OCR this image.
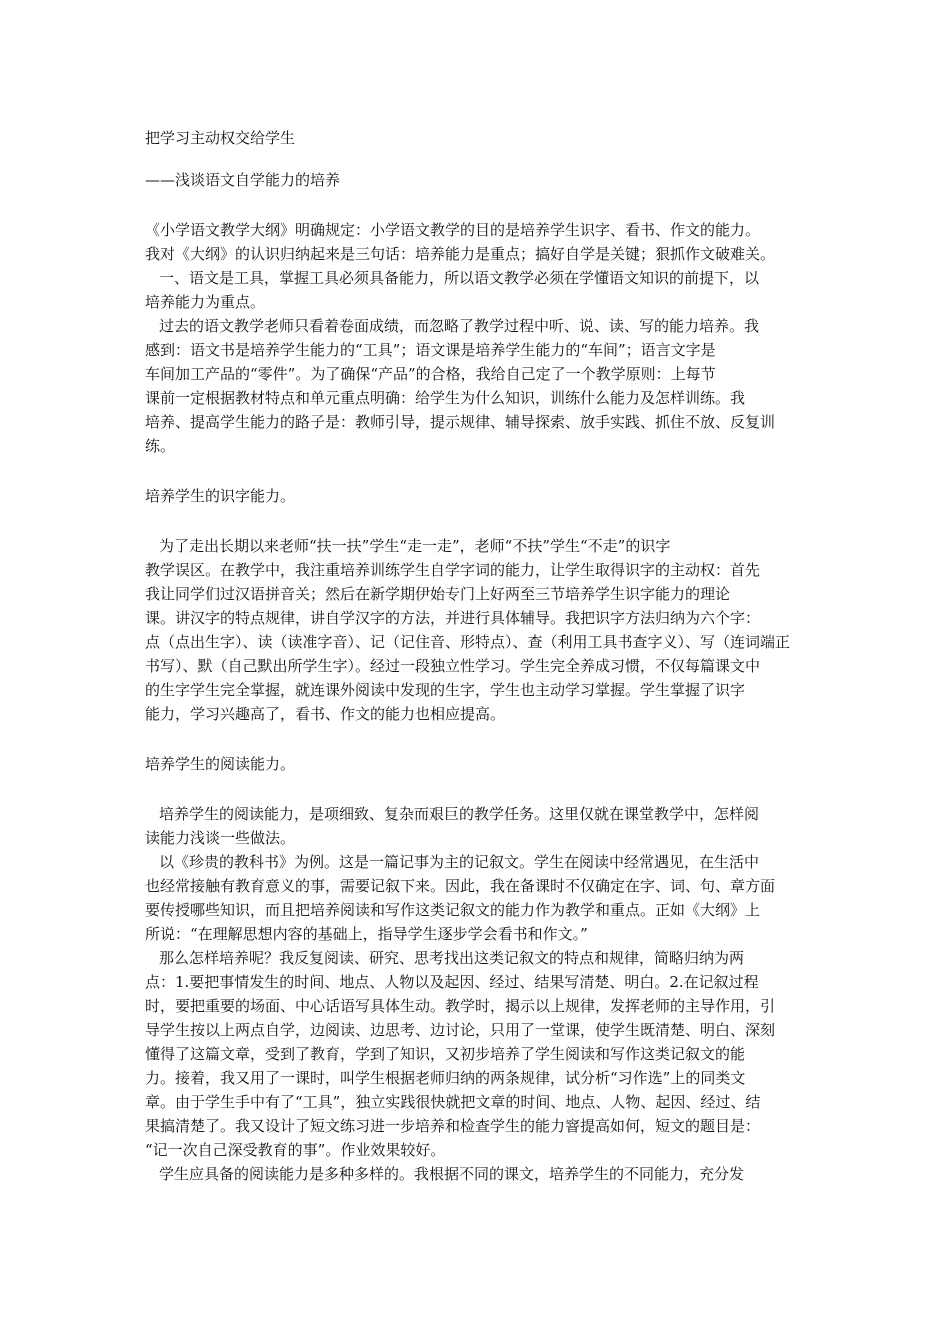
把学习主动权交给学生

——浅谈语文自学能力的培养

《小学语文教学大纲》明确规定：小学语文教学的目的是培养学生识字、看书、作文的能力。

我对《大纲》的认识归纳起来是三句话：培养能力是重点；搞好自学是关键；狠抓作文破难关。

一、语文是工具，掌握工具必须具备能力，所以语文教学必须在学懂语文知识的前提下，以

培养能力为重点。

过去的语文教学老师只看着卷面成绩，而忽略了教学过程中听、说、读、写的能力培养。我

感到：语文书是培养学生能力的“工具”；语文课是培养学生能力的“车间”；语言文字是

车间加工产品的“零件”。为了确保“产品”的合格，我给自己定了一个教学原则：上每节

课前一定根据教材特点和单元重点明确：给学生为什么知识，训练什么能力及怎样训练。我

培养、提高学生能力的路子是：教师引导，提示规律、辅导探索、放手实践、抓住不放、反复训

练。

培养学生的识字能力。

为了走出长期以来老师“扶一扶”学生“走一走”，老师“不扶”学生“不走”的识字

教学误区。在教学中，我注重培养训练学生自学字词的能力，让学生取得识字的主动权：首先

我让同学们过汉语拼音关；然后在新学期伊始专门上好两至三节培养学生识字能力的理论

课。讲汉字的特点规律，讲自学汉字的方法，并进行具体辅导。我把识字方法归纳为六个字：

点（点出生字）、读（读准字音）、记（记住音、形特点）、查（利用工具书查字义）、写（连词端正

书写）、默（自己默出所学生字）。经过一段独立性学习。学生完全养成习惯，不仅每篇课文中

的生字学生完全掌握，就连课外阅读中发现的生字，学生也主动学习掌握。学生掌握了识字

能力，学习兴趣高了，看书、作文的能力也相应提高。

培养学生的阅读能力。

培养学生的阅读能力，是项细致、复杂而艰巨的教学任务。这里仅就在课堂教学中，怎样阅

读能力浅谈一些做法。

以《珍贵的教科书》为例。这是一篇记事为主的记叙文。学生在阅读中经常遇见，在生活中

也经常接触有教育意义的事，需要记叙下来。因此，我在备课时不仅确定在字、词、句、章方面

要传授哪些知识，而且把培养阅读和写作这类记叙文的能力作为教学和重点。正如《大纲》上

所说：“在理解思想内容的基础上，指导学生逐步学会看书和作文。”

那么怎样培养呢？我反复阅读、研究、思考找出这类记叙文的特点和规律，简略归纳为两

点：1.要把事情发生的时间、地点、人物以及起因、经过、结果写清楚、明白。2.在记叙过程

时，要把重要的场面、中心话语写具体生动。教学时，揭示以上规律，发挥老师的主导作用，引

导学生按以上两点自学，边阅读、边思考、边讨论，只用了一堂课，使学生既清楚、明白、深刻

懂得了这篇文章，受到了教育，学到了知识，又初步培养了学生阅读和写作这类记叙文的能

力。接着，我又用了一课时，叫学生根据老师归纳的两条规律，试分析“习作选”上的同类文

章。由于学生手中有了“工具”，独立实践很快就把文章的时间、地点、人物、起因、经过、结

果搞清楚了。我又设计了短文练习进一步培养和检查学生的能力窨提高如何，短文的题目是：

“记一次自己深受教育的事”。作业效果较好。

学生应具备的阅读能力是多种多样的。我根据不同的课文，培养学生的不同能力，充分发
